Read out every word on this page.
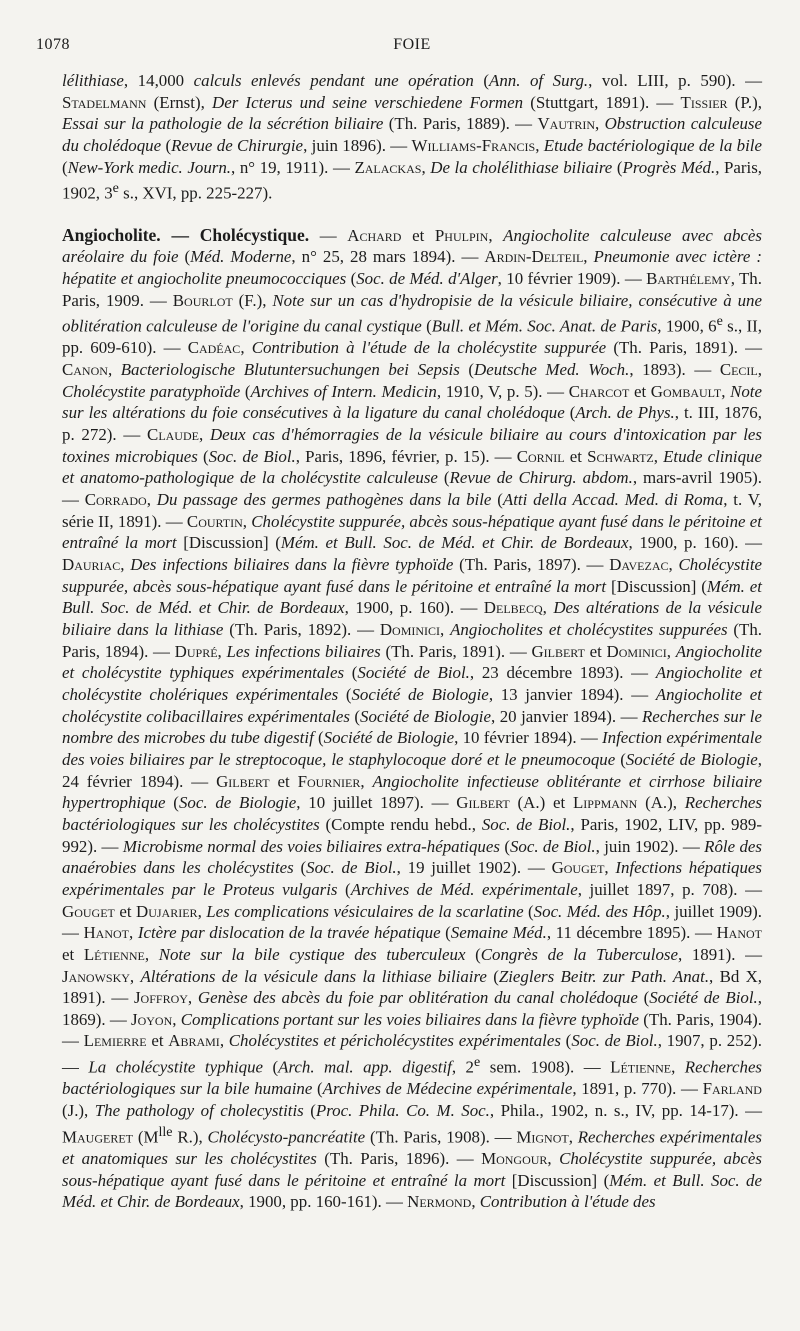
1078	FOIE

lélithiase, 14,000 calculs enlevés pendant une opération (Ann. of Surg., vol. LIII, p. 590). — Stadelmann (Ernst), Der Icterus und seine verschiedene Formen (Stuttgart, 1891). — Tissier (P.), Essai sur la pathologie de la sécrétion biliaire (Th. Paris, 1889). — Vautrin, Obstruction calculeuse du cholédoque (Revue de Chirurgie, juin 1896). — Williams-Francis, Etude bactériologique de la bile (New-York medic. Journ., n° 19, 1911). — Zalackas, De la cholélithiase biliaire (Progrès Méd., Paris, 1902, 3e s., XVI, pp. 225-227).

Angiocholite. — Cholécystique. — Achard et Phulpin, Angiocholite calculeuse avec abcès aréolaire du foie (Méd. Moderne, n° 25, 28 mars 1894). — Ardin-Delteil, Pneumonie avec ictère : hépatite et angiocholite pneumococciques (Soc. de Méd. d'Alger, 10 février 1909). — Barthélemy, Th. Paris, 1909. — Bourlot (F.), Note sur un cas d'hydropisie de la vésicule biliaire, consécutive à une oblitération calculeuse de l'origine du canal cystique (Bull. et Mém. Soc. Anat. de Paris, 1900, 6e s., II, pp. 609-610). — Cadéac, Contribution à l'étude de la cholécystite suppurée (Th. Paris, 1891). — Canon, Bacteriologische Blutuntersuchungen bei Sepsis (Deutsche Med. Woch., 1893). — Cecil, Cholécystite paratyphoïde (Archives of Intern. Medicin, 1910, V, p. 5). — Charcot et Gombault, Note sur les altérations du foie consécutives à la ligature du canal cholédoque (Arch. de Phys., t. III, 1876, p. 272). — Claude, Deux cas d'hémorragies de la vésicule biliaire au cours d'intoxication par les toxines microbiques (Soc. de Biol., Paris, 1896, février, p. 15). — Cornil et Schwartz, Etude clinique et anatomo-pathologique de la cholécystite calculeuse (Revue de Chirurg. abdom., mars-avril 1905). — Corrado, Du passage des germes pathogènes dans la bile (Atti della Accad. Med. di Roma, t. V, série II, 1891). — Courtin, Cholécystite suppurée, abcès sous-hépatique ayant fusé dans le péritoine et entraîné la mort [Discussion] (Mém. et Bull. Soc. de Méd. et Chir. de Bordeaux, 1900, p. 160). — Dauriac, Des infections biliaires dans la fièvre typhoïde (Th. Paris, 1897). — Davezac, Cholécystite suppurée, abcès sous-hépatique ayant fusé dans le péritoine et entraîné la mort [Discussion] (Mém. et Bull. Soc. de Méd. et Chir. de Bordeaux, 1900, p. 160). — Delbecq, Des altérations de la vésicule biliaire dans la lithiase (Th. Paris, 1892). — Dominici, Angiocholites et cholécystites suppurées (Th. Paris, 1894). — Dupré, Les infections biliaires (Th. Paris, 1891). — Gilbert et Dominici, Angiocholite et cholécystite typhiques expérimentales (Société de Biol., 23 décembre 1893). — Angiocholite et cholécystite cholériques expérimentales (Société de Biologie, 13 janvier 1894). — Angiocholite et cholécystite colibacillaires expérimentales (Société de Biologie, 20 janvier 1894). — Recherches sur le nombre des microbes du tube digestif (Société de Biologie, 10 février 1894). — Infection expérimentale des voies biliaires par le streptocoque, le staphylocoque doré et le pneumocoque (Société de Biologie, 24 février 1894). — Gilbert et Fournier, Angiocholite infectieuse oblitérante et cirrhose biliaire hypertrophique (Soc. de Biologie, 10 juillet 1897). — Gilbert (A.) et Lippmann (A.), Recherches bactériologiques sur les cholécystites (Compte rendu hebd., Soc. de Biol., Paris, 1902, LIV, pp. 989-992). — Microbisme normal des voies biliaires extra-hépatiques (Soc. de Biol., juin 1902). — Rôle des anaérobies dans les cholécystites (Soc. de Biol., 19 juillet 1902). — Gouget, Infections hépatiques expérimentales par le Proteus vulgaris (Archives de Méd. expérimentale, juillet 1897, p. 708). — Gouget et Dujarier, Les complications vésiculaires de la scarlatine (Soc. Méd. des Hôp., juillet 1909). — Hanot, Ictère par dislocation de la travée hépatique (Semaine Méd., 11 décembre 1895). — Hanot et Létienne, Note sur la bile cystique des tuberculeux (Congrès de la Tuberculose, 1891). — Janowsky, Altérations de la vésicule dans la lithiase biliaire (Zieglers Beitr. zur Path. Anat., Bd X, 1891). — Joffroy, Genèse des abcès du foie par oblitération du canal cholédoque (Société de Biol., 1869). — Joyon, Complications portant sur les voies biliaires dans la fièvre typhoïde (Th. Paris, 1904). — Lemierre et Abrami, Cholécystites et péricholécystites expérimentales (Soc. de Biol., 1907, p. 252). — La cholécystite typhique (Arch. mal. app. digestif, 2e sem. 1908). — Létienne, Recherches bactériologiques sur la bile humaine (Archives de Médecine expérimentale, 1891, p. 770). — Farland (J.), The pathology of cholecystitis (Proc. Phila. Co. M. Soc., Phila., 1902, n. s., IV, pp. 14-17). — Maugeret ($M^{lle}$ R.), Cholécysto-pancréatite (Th. Paris, 1908). — Mignot, Recherches expérimentales et anatomiques sur les cholécystites (Th. Paris, 1896). — Mongour, Cholécystite suppurée, abcès sous-hépatique ayant fusé dans le péritoine et entraîné la mort [Discussion] (Mém. et Bull. Soc. de Méd. et Chir. de Bordeaux, 1900, pp. 160-161). — Nermond, Contribution à l'étude des
